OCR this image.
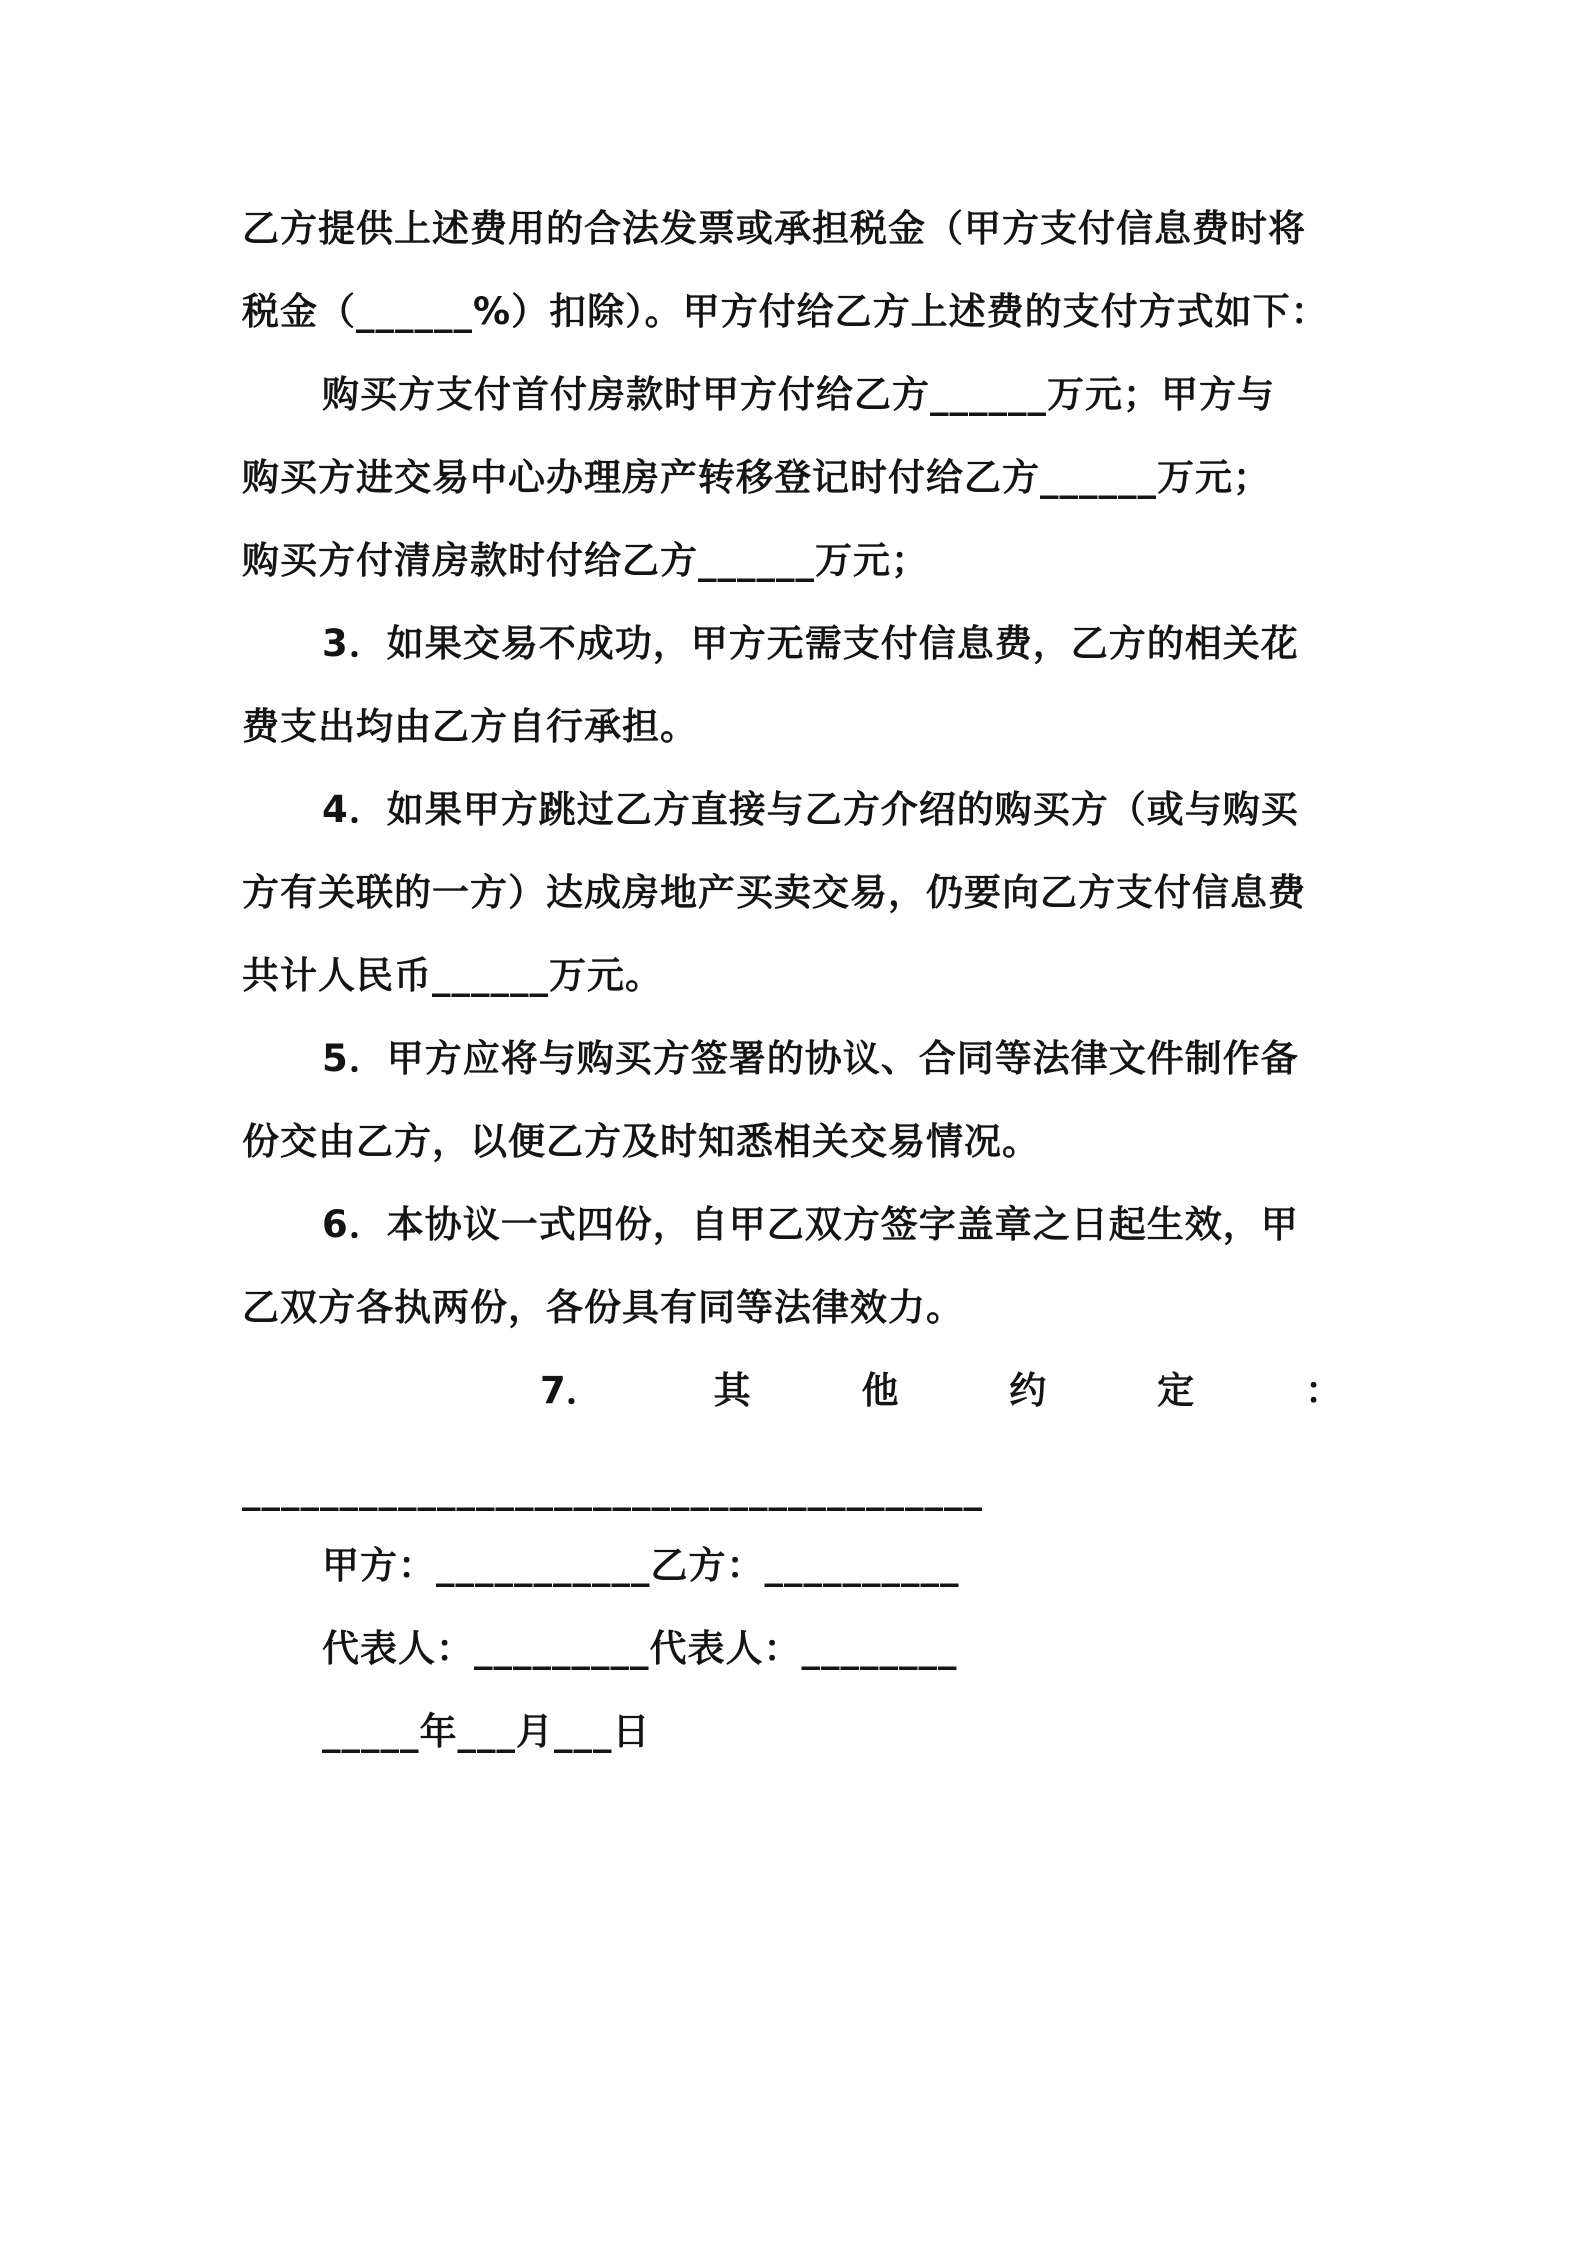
乙方提供上述费用的合法发票或承担税金（甲方支付信息费时将
税金（______%）扣除）。甲方付给乙方上述费的支付方式如下：
购买方支付首付房款时甲方付给乙方______万元；甲方与
购买方进交易中心办理房产转移登记时付给乙方______万元；
购买方付清房款时付给乙方______万元；
3．如果交易不成功，甲方无需支付信息费，乙方的相关花
费支出均由乙方自行承担。
4．如果甲方跳过乙方直接与乙方介绍的购买方（或与购买
方有关联的一方）达成房地产买卖交易，仍要向乙方支付信息费
共计人民币______万元。
5．甲方应将与购买方签署的协议、合同等法律文件制作备
份交由乙方，以便乙方及时知悉相关交易情况。
6．本协议一式四份，自甲乙双方签字盖章之日起生效，甲
乙双方各执两份，各份具有同等法律效力。
7．	其	他	约	定	：
______________________________________
甲方：___________乙方：__________
代表人：_________代表人：________
_____年___月___日
